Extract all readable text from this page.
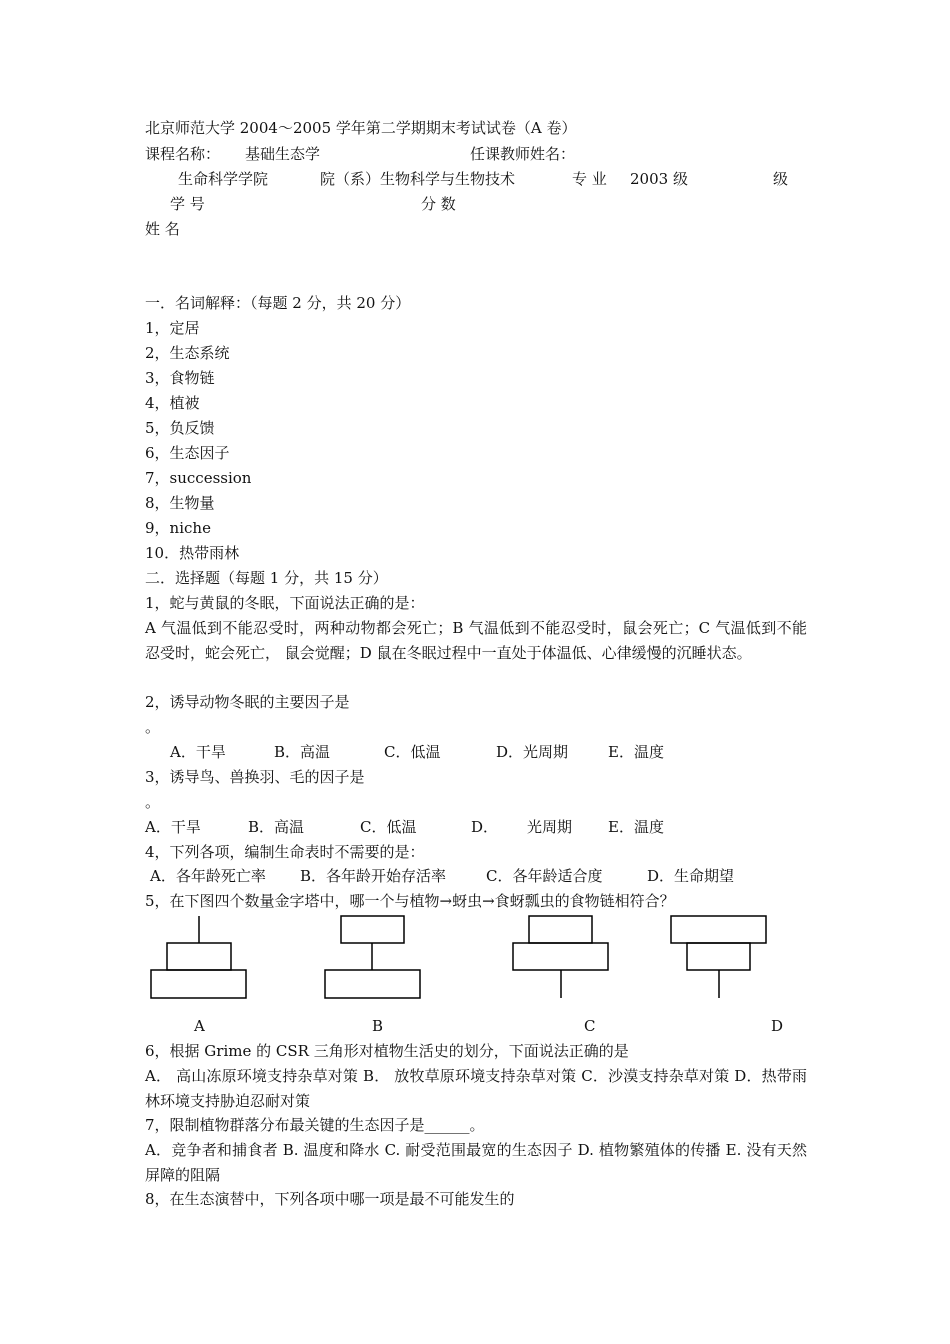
北京师范大学 2004～2005 学年第二学期期末考试试卷（A 卷）
课程名称： 基础生态学	任课教师姓名：
生命科学学院	院（系）生物科学与生物技术	专 业 2003 级	级
学 号	分 数
姓 名
一．名词解释：（每题 2 分，共 20 分）
1，定居
2，生态系统
3，食物链
4，植被
5，负反馈
6，生态因子
7，succession
8，生物量
9，niche
10．热带雨林
二．选择题（每题 1 分，共 15 分）
1，蛇与黄鼠的冬眠，下面说法正确的是：
A 气温低到不能忍受时，两种动物都会死亡；B 气温低到不能忍受时，鼠会死亡；C 气温低到不能忍受时，蛇会死亡， 鼠会觉醒；D 鼠在冬眠过程中一直处于体温低、心律缓慢的沉睡状态。
2，诱导动物冬眠的主要因子是
。
A．干旱	B．高温	C．低温	D．光周期	E．温度
3，诱导鸟、兽换羽、毛的因子是
。
A．干旱	B．高温	C．低温	D． 光周期 E．温度
4，下列各项，编制生命表时不需要的是：
A．各年龄死亡率 B．各年龄开始存活率	C．各年龄适合度	D．生命期望
5，在下图四个数量金字塔中，哪一个与植物→蚜虫→食蚜瓢虫的食物链相符合？
A	B	C	D
6，根据 Grime 的 CSR 三角形对植物生活史的划分，下面说法正确的是
A． 高山冻原环境支持杂草对策 B． 放牧草原环境支持杂草对策 C．沙漠支持杂草对策 D．热带雨林环境支持胁迫忍耐对策
7，限制植物群落分布最关键的生态因子是______。
A．竞争者和捕食者 B. 温度和降水 C. 耐受范围最宽的生态因子 D. 植物繁殖体的传播 E. 没有天然屏障的阻隔
8，在生态演替中，下列各项中哪一项是最不可能发生的
